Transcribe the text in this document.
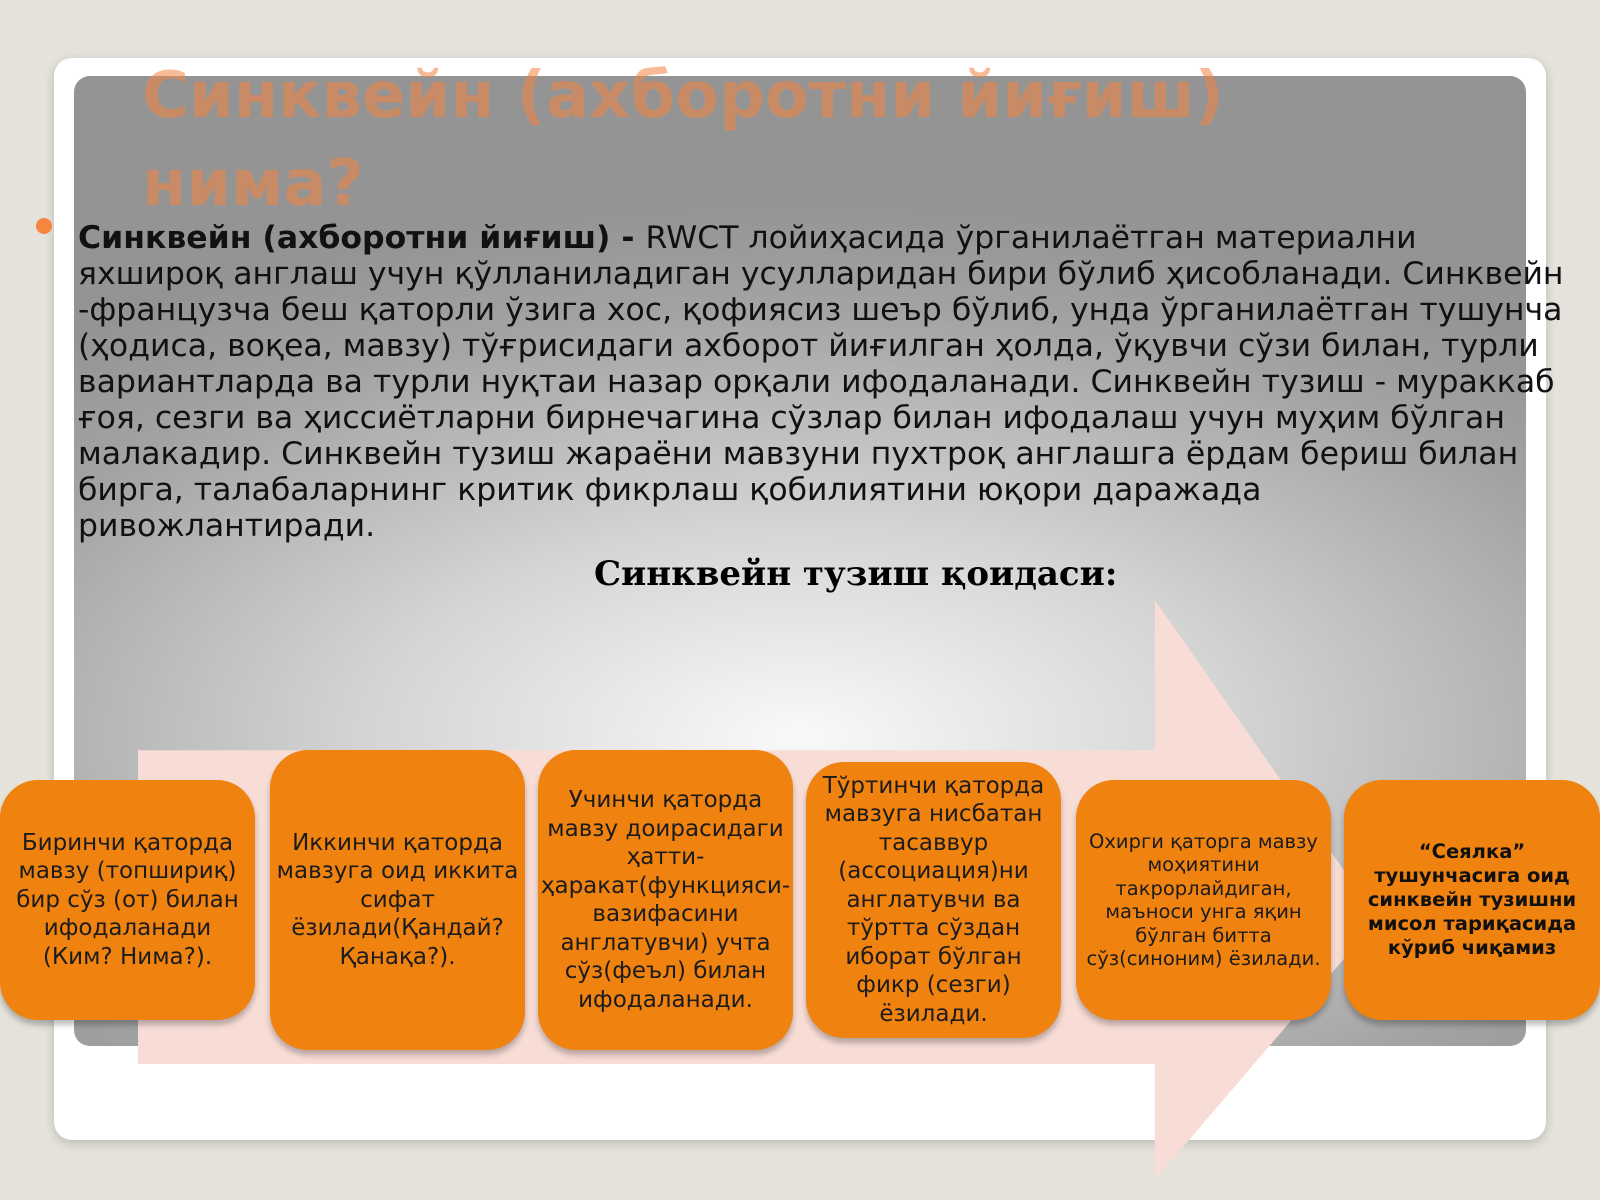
Синквейн (ахборотни йиғиш) нима?

Синквейн (ахборотни йиғиш) - RWCT лойиҳасида ўрганилаётган материални яхшироқ англаш учун қўлланиладиган усулларидан бири бўлиб ҳисобланади. Синквейн -французча беш қаторли ўзига хос, қофиясиз шеър бўлиб, унда ўрганилаётган тушунча (ҳодиса, воқеа, мавзу) тўғрисидаги ахборот йиғилган ҳолда, ўқувчи сўзи билан, турли вариантларда ва турли нуқтаи назар орқали ифодаланади. Синквейн тузиш - мураккаб ғоя, сезги ва ҳиссиётларни бирнечагина сўзлар билан ифодалаш учун муҳим бўлган малакадир. Синквейн тузиш жараёни мавзуни пухтроқ англашга ёрдам бериш билан бирга, талабаларнинг критик фикрлаш қобилиятини юқори даражада ривожлантиради.

Синквейн тузиш қоидаси:
Биринчи қаторда мавзу (топшириқ) бир сўз (от) билан ифодаланади (Ким? Нима?).
Иккинчи қаторда мавзуга оид иккита сифат ёзилади(Қандай? Қанақа?).
Учинчи қаторда мавзу доирасидаги ҳатти-ҳаракат(функцияси-вазифасини англатувчи) учта сўз(феъл) билан ифодаланади.
Тўртинчи қаторда мавзуга нисбатан тасаввур (ассоциация)ни англатувчи ва тўртта сўздан иборат бўлган фикр (сезги) ёзилади.
Охирги қаторга мавзу моҳиятини такрорлайдиган, маъноси унга яқин бўлган битта сўз(синоним) ёзилади.
“Сеялка” тушунчасига оид синквейн тузишни мисол тариқасида кўриб чиқамиз
